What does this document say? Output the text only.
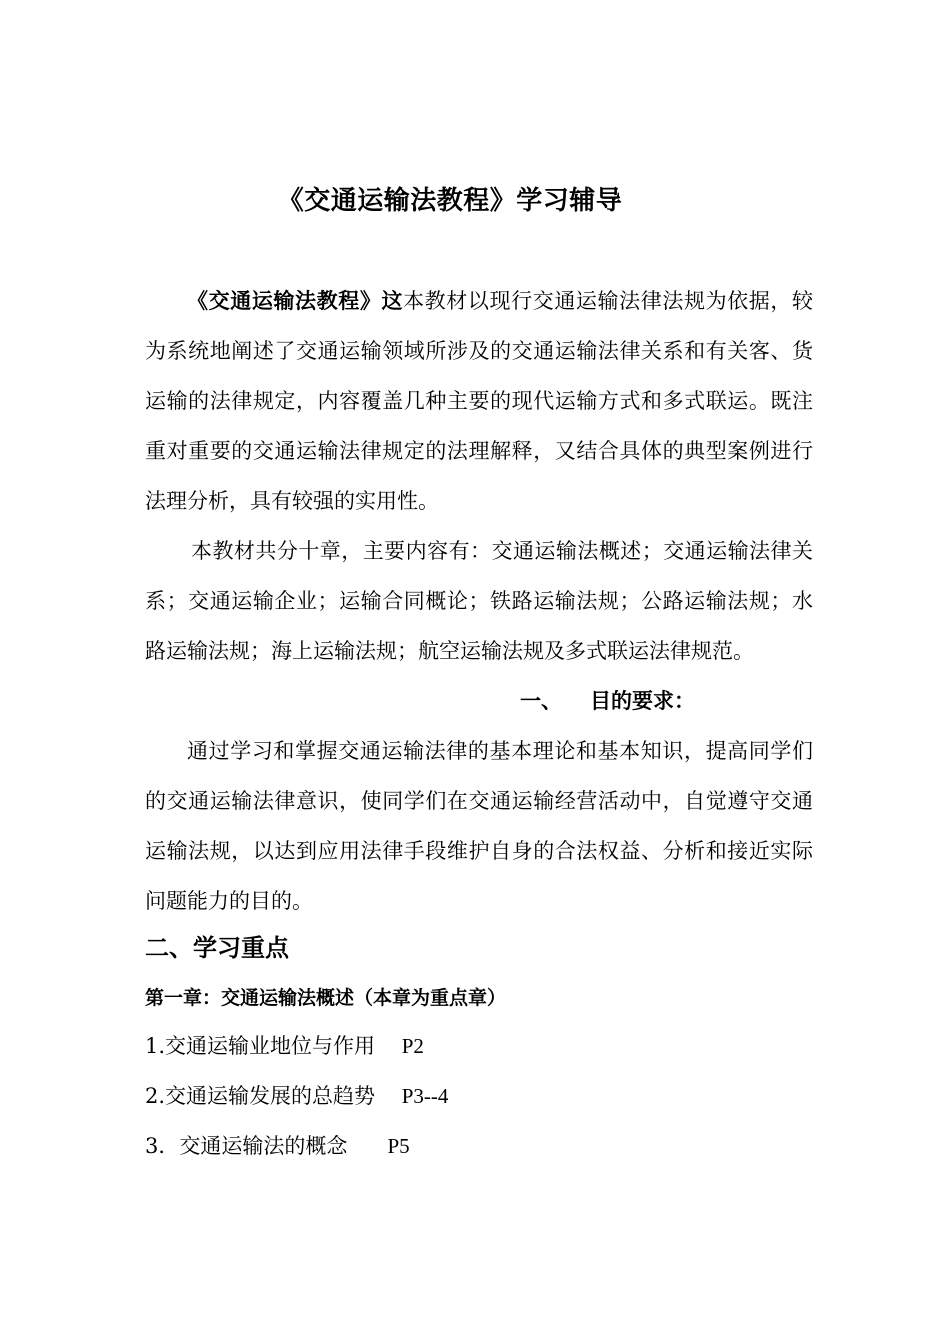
《交通运输法教程》学习辅导
《交通运输法教程》这本教材以现行交通运输法律法规为依据，较为系统地阐述了交通运输领域所涉及的交通运输法律关系和有关客、货运输的法律规定，内容覆盖几种主要的现代运输方式和多式联运。既注重对重要的交通运输法律规定的法理解释，又结合具体的典型案例进行法理分析，具有较强的实用性。
本教材共分十章，主要内容有：交通运输法概述；交通运输法律关系；交通运输企业；运输合同概论；铁路运输法规；公路运输法规；水路运输法规；海上运输法规；航空运输法规及多式联运法律规范。
一、 目的要求：
通过学习和掌握交通运输法律的基本理论和基本知识，提高同学们的交通运输法律意识，使同学们在交通运输经营活动中，自觉遵守交通运输法规，以达到应用法律手段维护自身的合法权益、分析和接近实际问题能力的目的。
二、学习重点
第一章：交通运输法概述（本章为重点章）
1.交通运输业地位与作用 P2
2.交通运输发展的总趋势 P3--4
3．交通运输法的概念 P5
